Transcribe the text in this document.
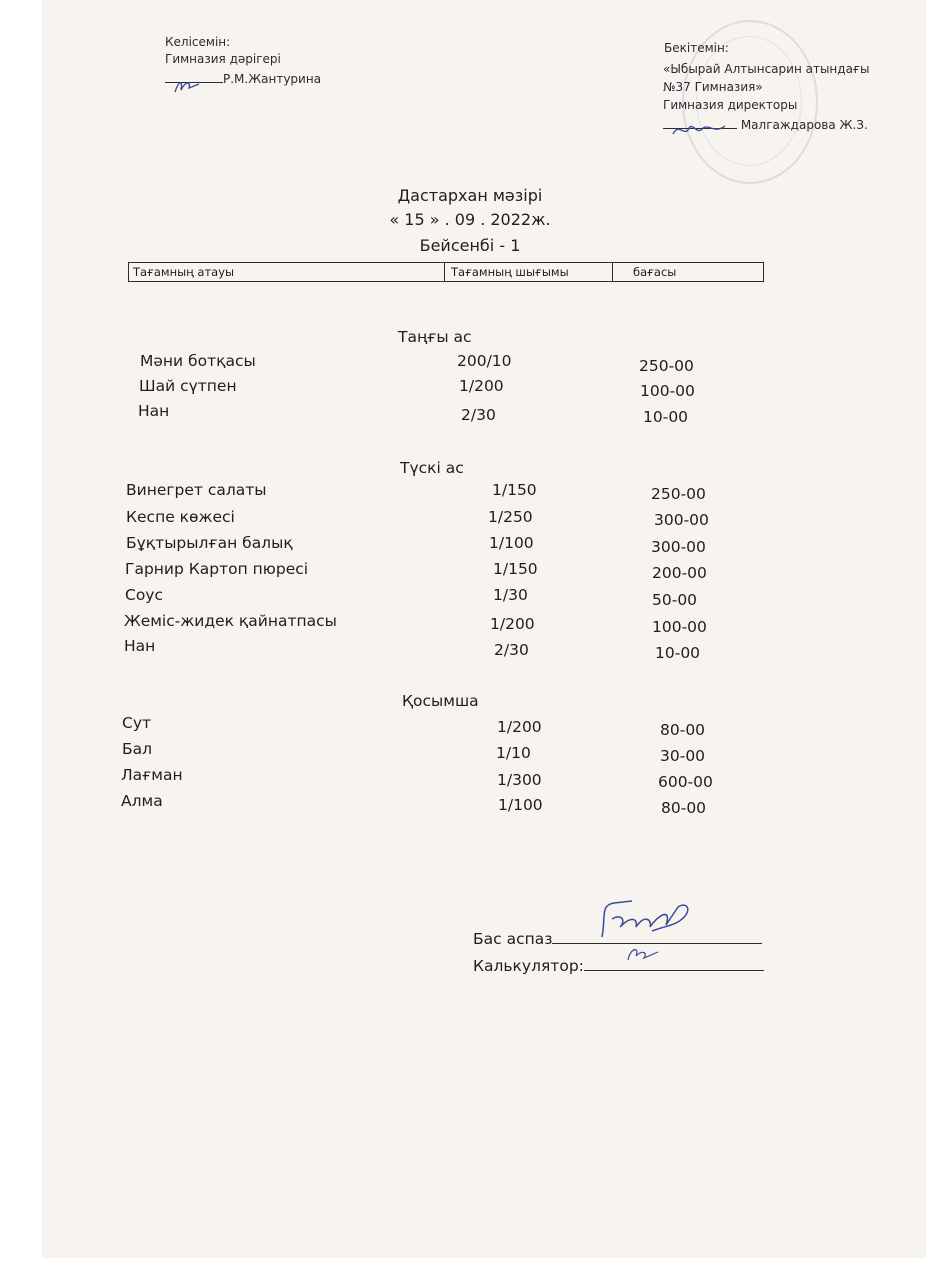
Келісемін:
Гимназия дәрігері
Р.М.Жантурина
Бекітемін:
«Ыбырай Алтынсарин атындағы
№37 Гимназия»
Гимназия директоры
Малгаждарова Ж.З.
Дастархан мәзірі
« 15 » . 09 . 2022ж.
Бейсенбі - 1
Тағамның атауы	Тағамның шығымы	бағасы
Таңғы ас
Мәни ботқасы	200/10	250-00
Шай сүтпен	1/200	100-00
Нан	2/30	10-00
Түскі ас
Винегрет салаты	1/150	250-00
Кеспе көжесі	1/250	300-00
Бұқтырылған балық	1/100	300-00
Гарнир Картоп пюресі	1/150	200-00
Соус	1/30	50-00
Жеміс-жидек қайнатпасы	1/200	100-00
Нан	2/30	10-00
Қосымша
Сут	1/200	80-00
Бал	1/10	30-00
Лағман	1/300	600-00
Алма	1/100	80-00
Бас аспаз
Калькулятор:
